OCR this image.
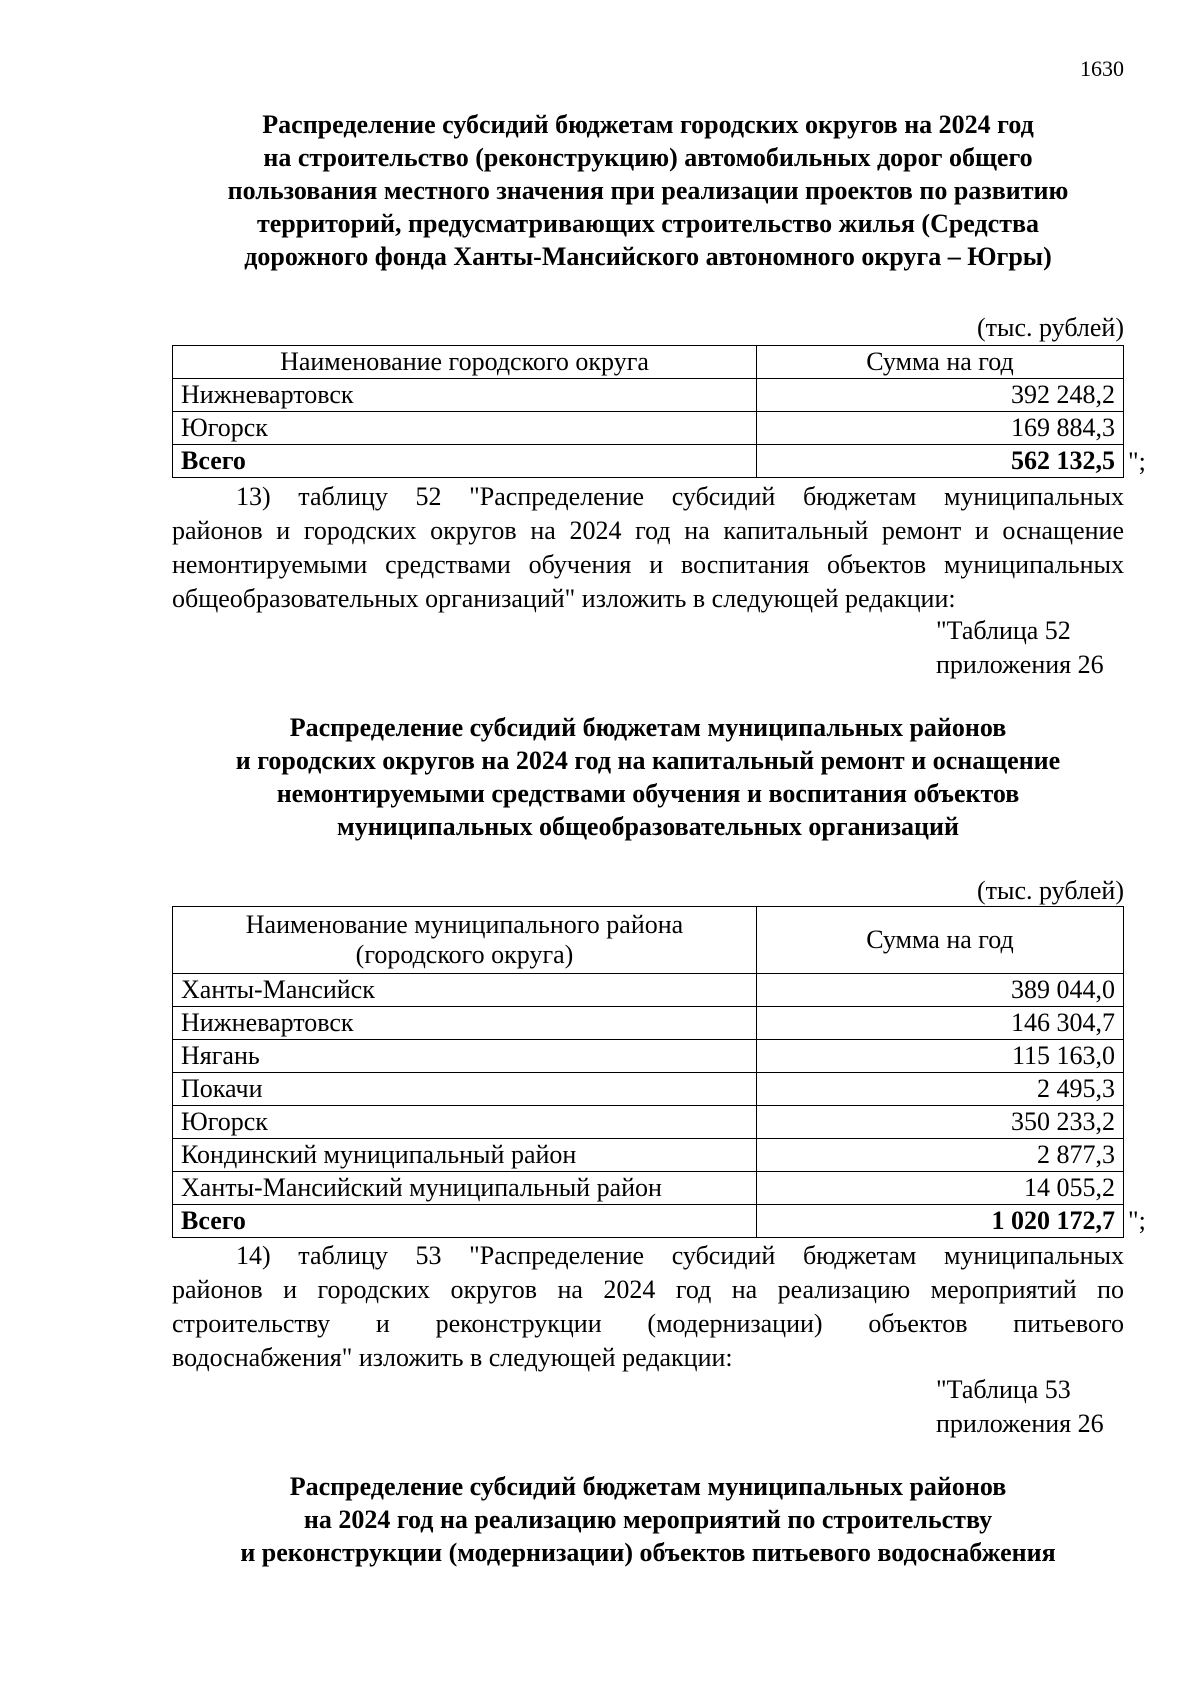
1630
Распределение субсидий бюджетам городских округов на 2024 год
на строительство (реконструкцию) автомобильных дорог общего
пользования местного значения при реализации проектов по развитию
территорий, предусматривающих строительство жилья (Средства
дорожного фонда Ханты-Мансийского автономного округа – Югры)
(тыс. рублей)
Наименование городского округа	Сумма на год
Нижневартовск	392 248,2
Югорск	169 884,3
Всего	562 132,5 ";
13) таблицу 52 "Распределение субсидий бюджетам муниципальных
районов и городских округов на 2024 год на капитальный ремонт и оснащение
немонтируемыми средствами обучения и воспитания объектов муниципальных
общеобразовательных организаций" изложить в следующей редакции:
"Таблица 52
приложения 26
Распределение субсидий бюджетам муниципальных районов
и городских округов на 2024 год на капитальный ремонт и оснащение
немонтируемыми средствами обучения и воспитания объектов
муниципальных общеобразовательных организаций
(тыс. рублей)
Наименование муниципального района
(городского округа)	Сумма на год
Ханты-Мансийск	389 044,0
Нижневартовск	146 304,7
Нягань	115 163,0
Покачи	2 495,3
Югорск	350 233,2
Кондинский муниципальный район	2 877,3
Ханты-Мансийский муниципальный район	14 055,2
Всего	1 020 172,7 ";
14) таблицу 53 "Распределение субсидий бюджетам муниципальных
районов и городских округов на 2024 год на реализацию мероприятий по
строительству и реконструкции (модернизации) объектов питьевого
водоснабжения" изложить в следующей редакции:
"Таблица 53
приложения 26
Распределение субсидий бюджетам муниципальных районов
на 2024 год на реализацию мероприятий по строительству
и реконструкции (модернизации) объектов питьевого водоснабжения
